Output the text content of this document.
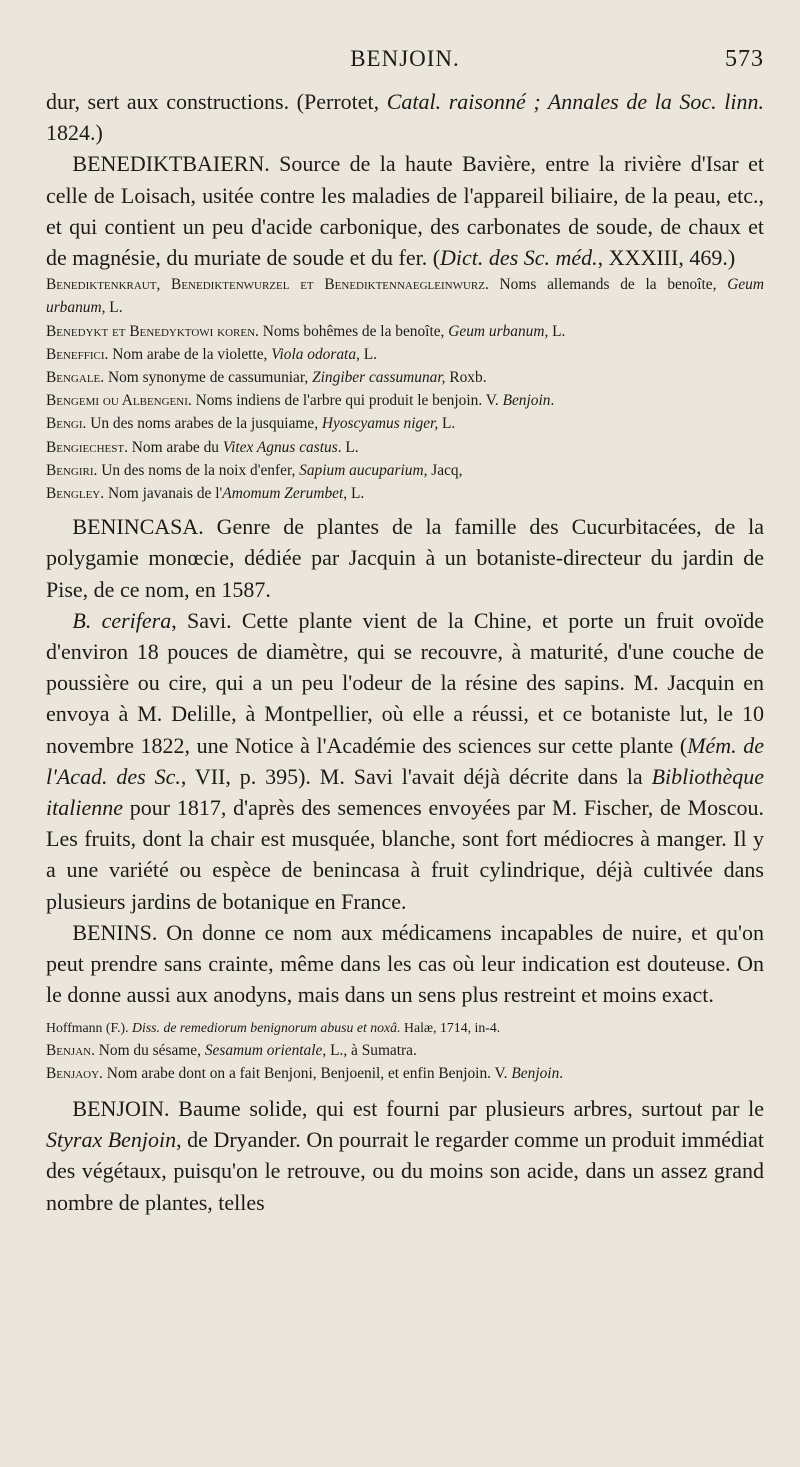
BENJOIN.	573

dur, sert aux constructions. (Perrotet, Catal. raisonné ; Annales de la Soc. linn. 1824.)

BENEDIKTBAIERN. Source de la haute Bavière, entre la rivière d'Isar et celle de Loisach, usitée contre les maladies de l'appareil biliaire, de la peau, etc., et qui contient un peu d'acide carbonique, des carbonates de soude, de chaux et de magnésie, du muriate de soude et du fer. (Dict. des Sc. méd., XXXIII, 469.)

Benediktenkraut, Benediktenwurzel et Benediktennaegleinwurz. Noms allemands de la benoîte, Geum urbanum, L.

Benedykt et Benedyktowi koren. Noms bohêmes de la benoîte, Geum urbanum, L.

Beneffici. Nom arabe de la violette, Viola odorata, L.

Bengale. Nom synonyme de cassumuniar, Zingiber cassumunar, Roxb.

Bengemi ou Albengeni. Noms indiens de l'arbre qui produit le benjoin. V. Benjoin.

Bengi. Un des noms arabes de la jusquiame, Hyoscyamus niger, L.

Bengiechest. Nom arabe du Vitex Agnus castus. L.

Bengiri. Un des noms de la noix d'enfer, Sapium aucuparium, Jacq,

Bengley. Nom javanais de l'Amomum Zerumbet, L.

BENINCASA. Genre de plantes de la famille des Cucurbitacées, de la polygamie monœcie, dédiée par Jacquin à un botaniste-directeur du jardin de Pise, de ce nom, en 1587.

B. cerifera, Savi. Cette plante vient de la Chine, et porte un fruit ovoïde d'environ 18 pouces de diamètre, qui se recouvre, à maturité, d'une couche de poussière ou cire, qui a un peu l'odeur de la résine des sapins. M. Jacquin en envoya à M. Delille, à Montpellier, où elle a réussi, et ce botaniste lut, le 10 novembre 1822, une Notice à l'Académie des sciences sur cette plante (Mém. de l'Acad. des Sc., VII, p. 395). M. Savi l'avait déjà décrite dans la Bibliothèque italienne pour 1817, d'après des semences envoyées par M. Fischer, de Moscou. Les fruits, dont la chair est musquée, blanche, sont fort médiocres à manger. Il y a une variété ou espèce de benincasa à fruit cylindrique, déjà cultivée dans plusieurs jardins de botanique en France.

BENINS. On donne ce nom aux médicamens incapables de nuire, et qu'on peut prendre sans crainte, même dans les cas où leur indication est douteuse. On le donne aussi aux anodyns, mais dans un sens plus restreint et moins exact.

Hoffmann (F.). Diss. de remediorum benignorum abusu et noxâ. Halæ, 1714, in-4.

Benjan. Nom du sésame, Sesamum orientale, L., à Sumatra.

Benjaoy. Nom arabe dont on a fait Benjoni, Benjoenil, et enfin Benjoin. V. Benjoin.

BENJOIN. Baume solide, qui est fourni par plusieurs arbres, surtout par le Styrax Benjoin, de Dryander. On pourrait le regarder comme un produit immédiat des végétaux, puisqu'on le retrouve, ou du moins son acide, dans un assez grand nombre de plantes, telles
